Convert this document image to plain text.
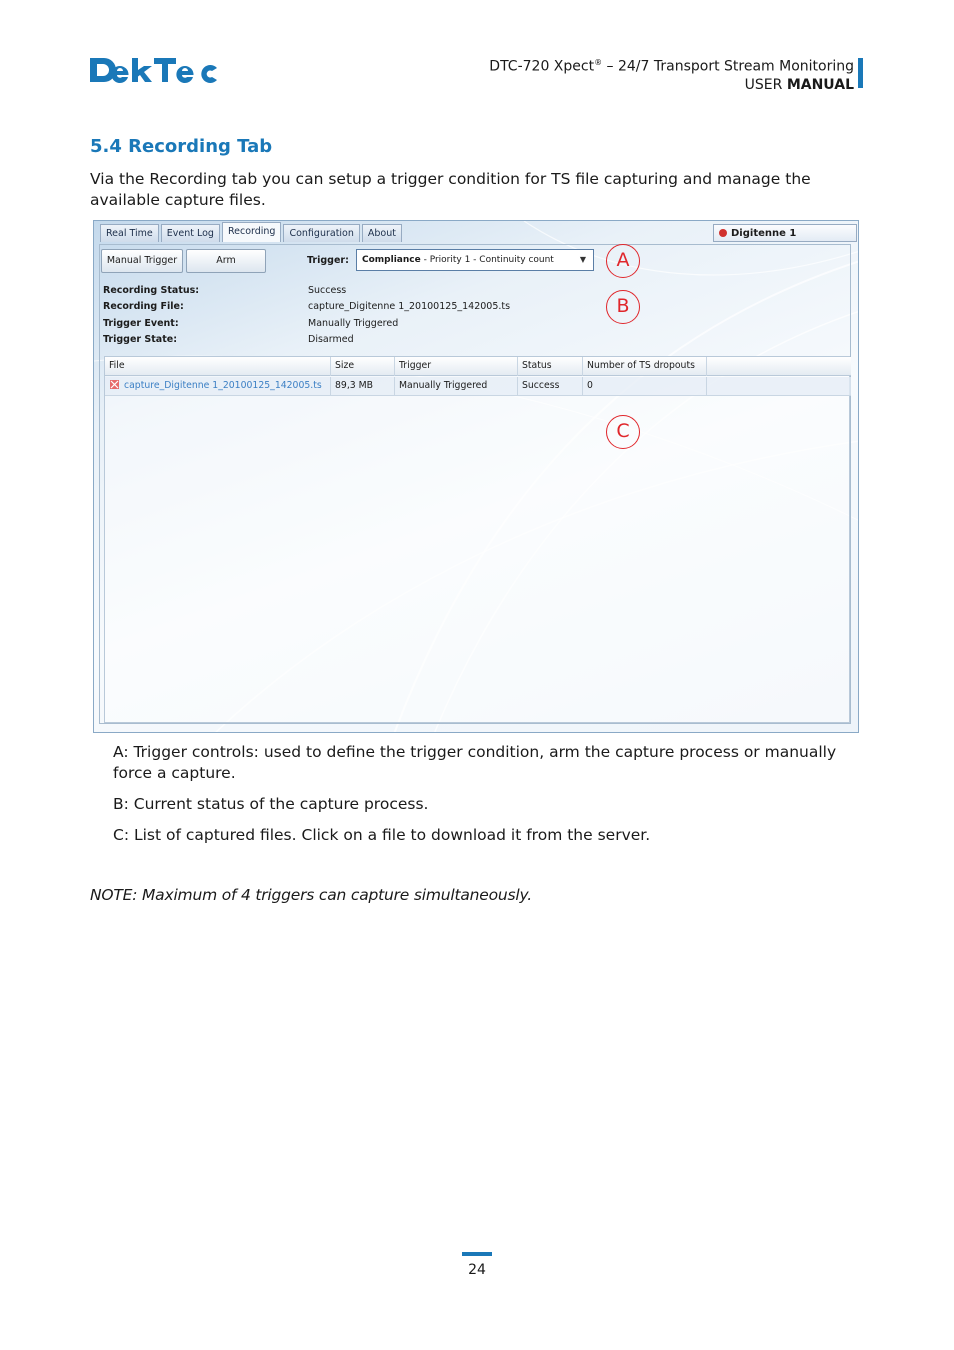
DTC-720 Xpect® – 24/7 Transport Stream Monitoring
USER MANUAL
5.4 Recording Tab
Via the Recording tab you can setup a trigger condition for TS file capturing and manage the available capture files.
Real Time	Event Log	Recording	Configuration	About	Digitenne 1
Manual Trigger	Arm	Trigger:	Compliance - Priority 1 - Continuity count	▼
Recording Status:	Success
Recording File:	capture_Digitenne 1_20100125_142005.ts
Trigger Event:	Manually Triggered
Trigger State:	Disarmed
File	Size	Trigger	Status	Number of TS dropouts
capture_Digitenne 1_20100125_142005.ts	89,3 MB	Manually Triggered	Success	0
A
B
C
A: Trigger controls: used to define the trigger condition, arm the capture process or manually force a capture.
B: Current status of the capture process.
C: List of captured files. Click on a file to download it from the server.
NOTE: Maximum of 4 triggers can capture simultaneously.
24
